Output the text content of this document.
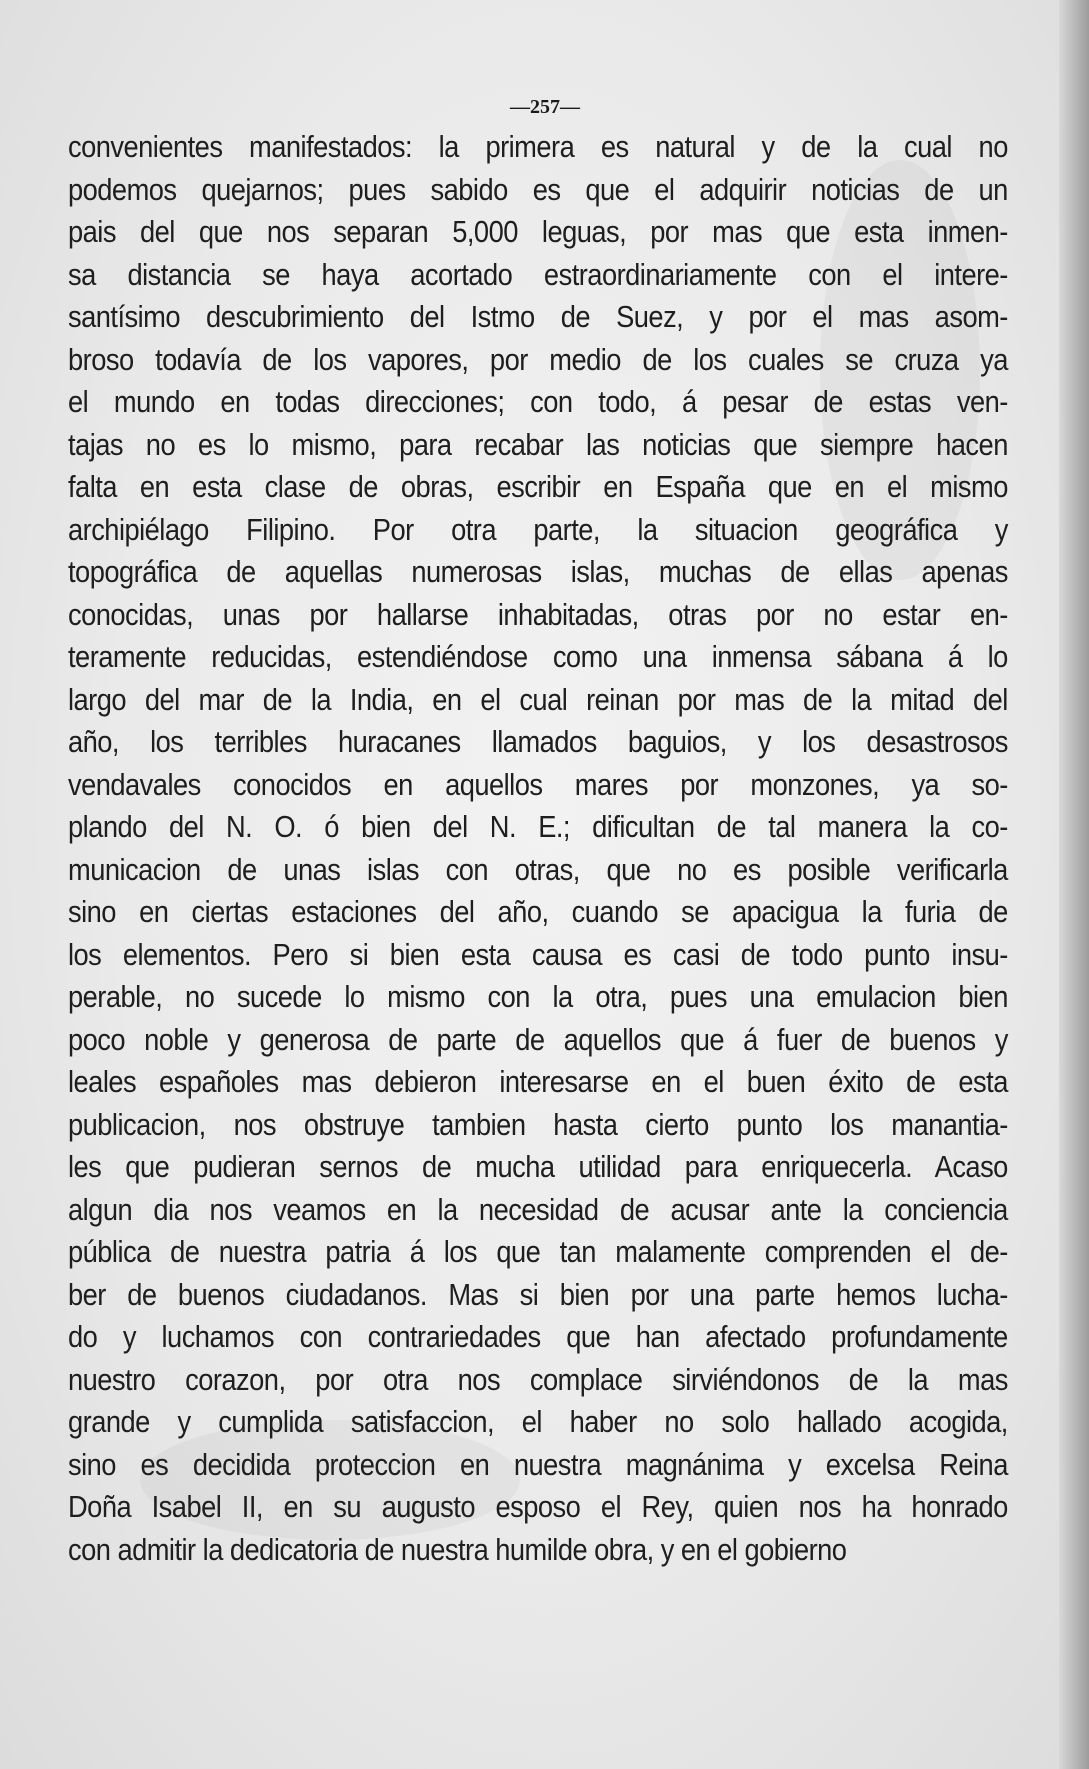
—257—
convenientes manifestados: la primera es natural y de la cual no
podemos quejarnos; pues sabido es que el adquirir noticias de un
pais del que nos separan 5,000 leguas, por mas que esta inmen-
sa distancia se haya acortado estraordinariamente con el intere-
santísimo descubrimiento del Istmo de Suez, y por el mas asom-
broso todavía de los vapores, por medio de los cuales se cruza ya
el mundo en todas direcciones; con todo, á pesar de estas ven-
tajas no es lo mismo, para recabar las noticias que siempre hacen
falta en esta clase de obras, escribir en España que en el mismo
archipiélago Filipino. Por otra parte, la situacion geográfica y
topográfica de aquellas numerosas islas, muchas de ellas apenas
conocidas, unas por hallarse inhabitadas, otras por no estar en-
teramente reducidas, estendiéndose como una inmensa sábana á lo
largo del mar de la India, en el cual reinan por mas de la mitad del
año, los terribles huracanes llamados baguios, y los desastrosos
vendavales conocidos en aquellos mares por monzones, ya so-
plando del N. O. ó bien del N. E.; dificultan de tal manera la co-
municacion de unas islas con otras, que no es posible verificarla
sino en ciertas estaciones del año, cuando se apacigua la furia de
los elementos. Pero si bien esta causa es casi de todo punto insu-
perable, no sucede lo mismo con la otra, pues una emulacion bien
poco noble y generosa de parte de aquellos que á fuer de buenos y
leales españoles mas debieron interesarse en el buen éxito de esta
publicacion, nos obstruye tambien hasta cierto punto los manantia-
les que pudieran sernos de mucha utilidad para enriquecerla. Acaso
algun dia nos veamos en la necesidad de acusar ante la conciencia
pública de nuestra patria á los que tan malamente comprenden el de-
ber de buenos ciudadanos. Mas si bien por una parte hemos lucha-
do y luchamos con contrariedades que han afectado profundamente
nuestro corazon, por otra nos complace sirviéndonos de la mas
grande y cumplida satisfaccion, el haber no solo hallado acogida,
sino es decidida proteccion en nuestra magnánima y excelsa Reina
Doña Isabel II, en su augusto esposo el Rey, quien nos ha honrado
con admitir la dedicatoria de nuestra humilde obra, y en el gobierno
